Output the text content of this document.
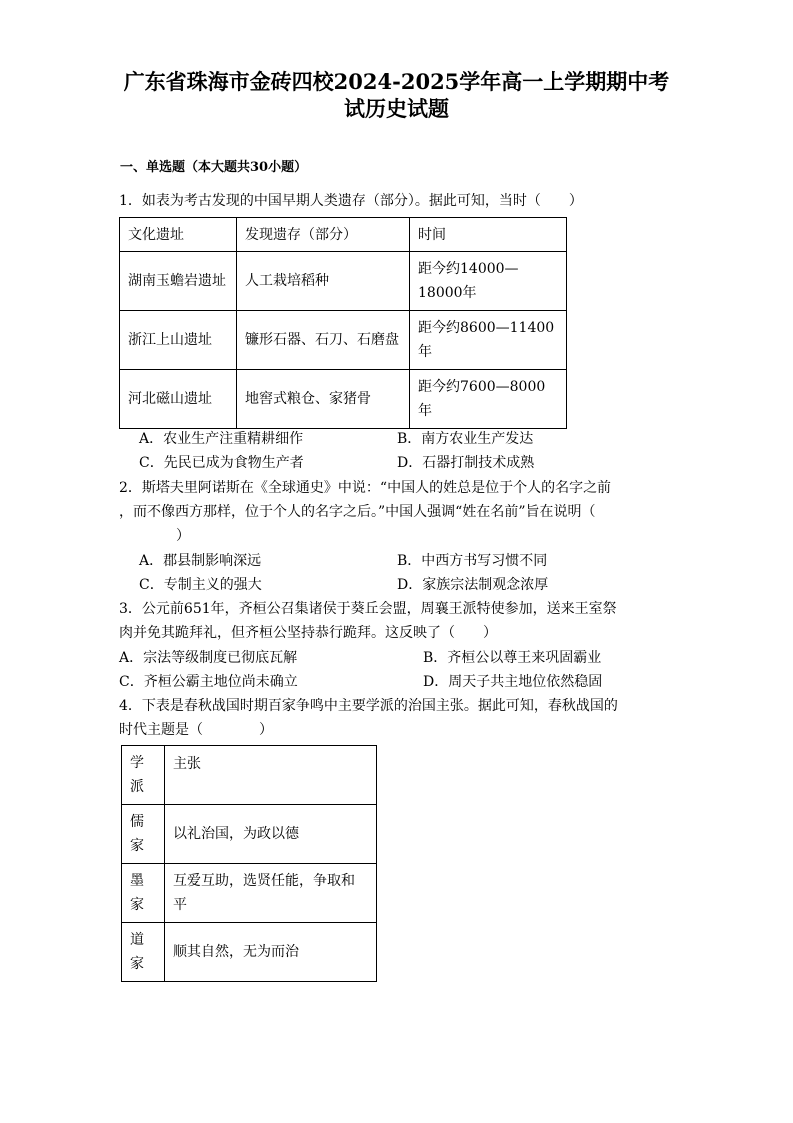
广东省珠海市金砖四校2024-2025学年高一上学期期中考
试历史试题
一、单选题（本大题共30小题）
1．如表为考古发现的中国早期人类遗存（部分）。据此可知，当时（　　）
文化遗址	发现遗存（部分）	时间
湖南玉蟾岩遗址	人工栽培稻种	距今约14000—18000年
浙江上山遗址	镰形石器、石刀、石磨盘	距今约8600—11400年
河北磁山遗址	地窖式粮仓、家猪骨	距今约7600—8000年
A．农业生产注重精耕细作	B．南方农业生产发达
C．先民已成为食物生产者	D．石器打制技术成熟
2．斯塔夫里阿诺斯在《全球通史》中说：“中国人的姓总是位于个人的名字之前
，而不像西方那样，位于个人的名字之后。”中国人强调“姓在名前”旨在说明（
）
A．郡县制影响深远	B．中西方书写习惯不同
C．专制主义的强大	D．家族宗法制观念浓厚
3．公元前651年，齐桓公召集诸侯于葵丘会盟，周襄王派特使参加，送来王室祭
肉并免其跪拜礼，但齐桓公坚持恭行跪拜。这反映了（　　）
A．宗法等级制度已彻底瓦解	B．齐桓公以尊王来巩固霸业
C．齐桓公霸主地位尚未确立	D．周天子共主地位依然稳固
4．下表是春秋战国时期百家争鸣中主要学派的治国主张。据此可知，春秋战国的
时代主题是（　　　　）
学派	主张
儒家	以礼治国，为政以德
墨家	互爱互助，选贤任能，争取和平
道家	顺其自然，无为而治
